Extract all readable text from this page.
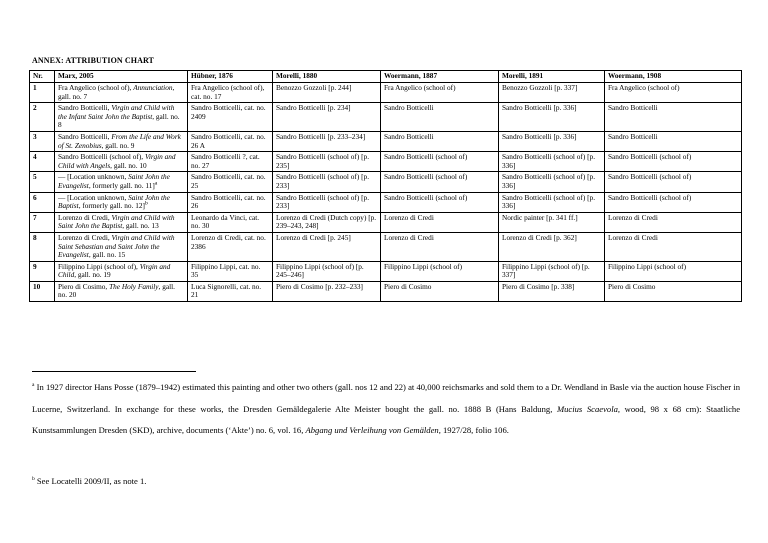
ANNEX: ATTRIBUTION CHART
Nr.	Marx, 2005	Hübner, 1876	Morelli, 1880	Woermann, 1887	Morelli, 1891	Woermann, 1908
1	Fra Angelico (school of), Annunciation, gall. no. 7	Fra Angelico (school of), cat. no. 17	Benozzo Gozzoli [p. 244]	Fra Angelico (school of)	Benozzo Gozzoli [p. 337]	Fra Angelico (school of)
2	Sandro Botticelli, Virgin and Child with the Infant Saint John the Baptist, gall. no. 8	Sandro Botticelli, cat. no. 2409	Sandro Botticelli [p. 234]	Sandro Botticelli	Sandro Botticelli [p. 336]	Sandro Botticelli
3	Sandro Botticelli, From the Life and Work of St. Zenobius, gall. no. 9	Sandro Botticelli, cat. no. 26 A	Sandro Botticelli [p. 233–234]	Sandro Botticelli	Sandro Botticelli [p. 336]	Sandro Botticelli
4	Sandro Botticelli (school of), Virgin and Child with Angels, gall. no. 10	Sandro Botticelli ?, cat. no. 27	Sandro Botticelli (school of) [p. 235]	Sandro Botticelli (school of)	Sandro Botticelli (school of) [p. 336]	Sandro Botticelli (school of)
5	— [Location unknown, Saint John the Evangelist, formerly gall. no. 11]$^a$	Sandro Botticelli, cat. no. 25	Sandro Botticelli (school of) [p. 233]	Sandro Botticelli (school of)	Sandro Botticelli (school of) [p. 336]	Sandro Botticelli (school of)
6	— [Location unknown, Saint John the Baptist, formerly gall. no. 12]$^b$	Sandro Botticelli, cat. no. 26	Sandro Botticelli (school of) [p. 233]	Sandro Botticelli (school of)	Sandro Botticelli (school of) [p. 336]	Sandro Botticelli (school of)
7	Lorenzo di Credi, Virgin and Child with Saint John the Baptist, gall. no. 13	Leonardo da Vinci, cat. no. 30	Lorenzo di Credi (Dutch copy) [p. 239–243, 248]	Lorenzo di Credi	Nordic painter [p. 341 ff.]	Lorenzo di Credi
8	Lorenzo di Credi, Virgin and Child with Saint Sebastian and Saint John the Evangelist, gall. no. 15	Lorenzo di Credi, cat. no. 2386	Lorenzo di Credi [p. 245]	Lorenzo di Credi	Lorenzo di Credi [p. 362]	Lorenzo di Credi
9	Filippino Lippi (school of), Virgin and Child, gall. no. 19	Filippino Lippi, cat. no. 35	Filippino Lippi (school of) [p. 245–246]	Filippino Lippi (school of)	Filippino Lippi (school of) [p. 337]	Filippino Lippi (school of)
10	Piero di Cosimo, The Holy Family, gall. no. 20	Luca Signorelli, cat. no. 21	Piero di Cosimo [p. 232–233]	Piero di Cosimo	Piero di Cosimo [p. 338]	Piero di Cosimo
$^a$ In 1927 director Hans Posse (1879–1942) estimated this painting and other two others (gall. nos 12 and 22) at 40,000 reichsmarks and sold them to a Dr. Wendland in Basle via the auction house Fischer in Lucerne, Switzerland. In exchange for these works, the Dresden Gemäldegalerie Alte Meister bought the gall. no. 1888 B (Hans Baldung, Mucius Scaevola, wood, 98 x 68 cm): Staatliche Kunstsammlungen Dresden (SKD), archive, documents (‘Akte’) no. 6, vol. 16, Abgang und Verleihung von Gemälden, 1927/28, folio 106.
$^b$ See Locatelli 2009/II, as note 1.
